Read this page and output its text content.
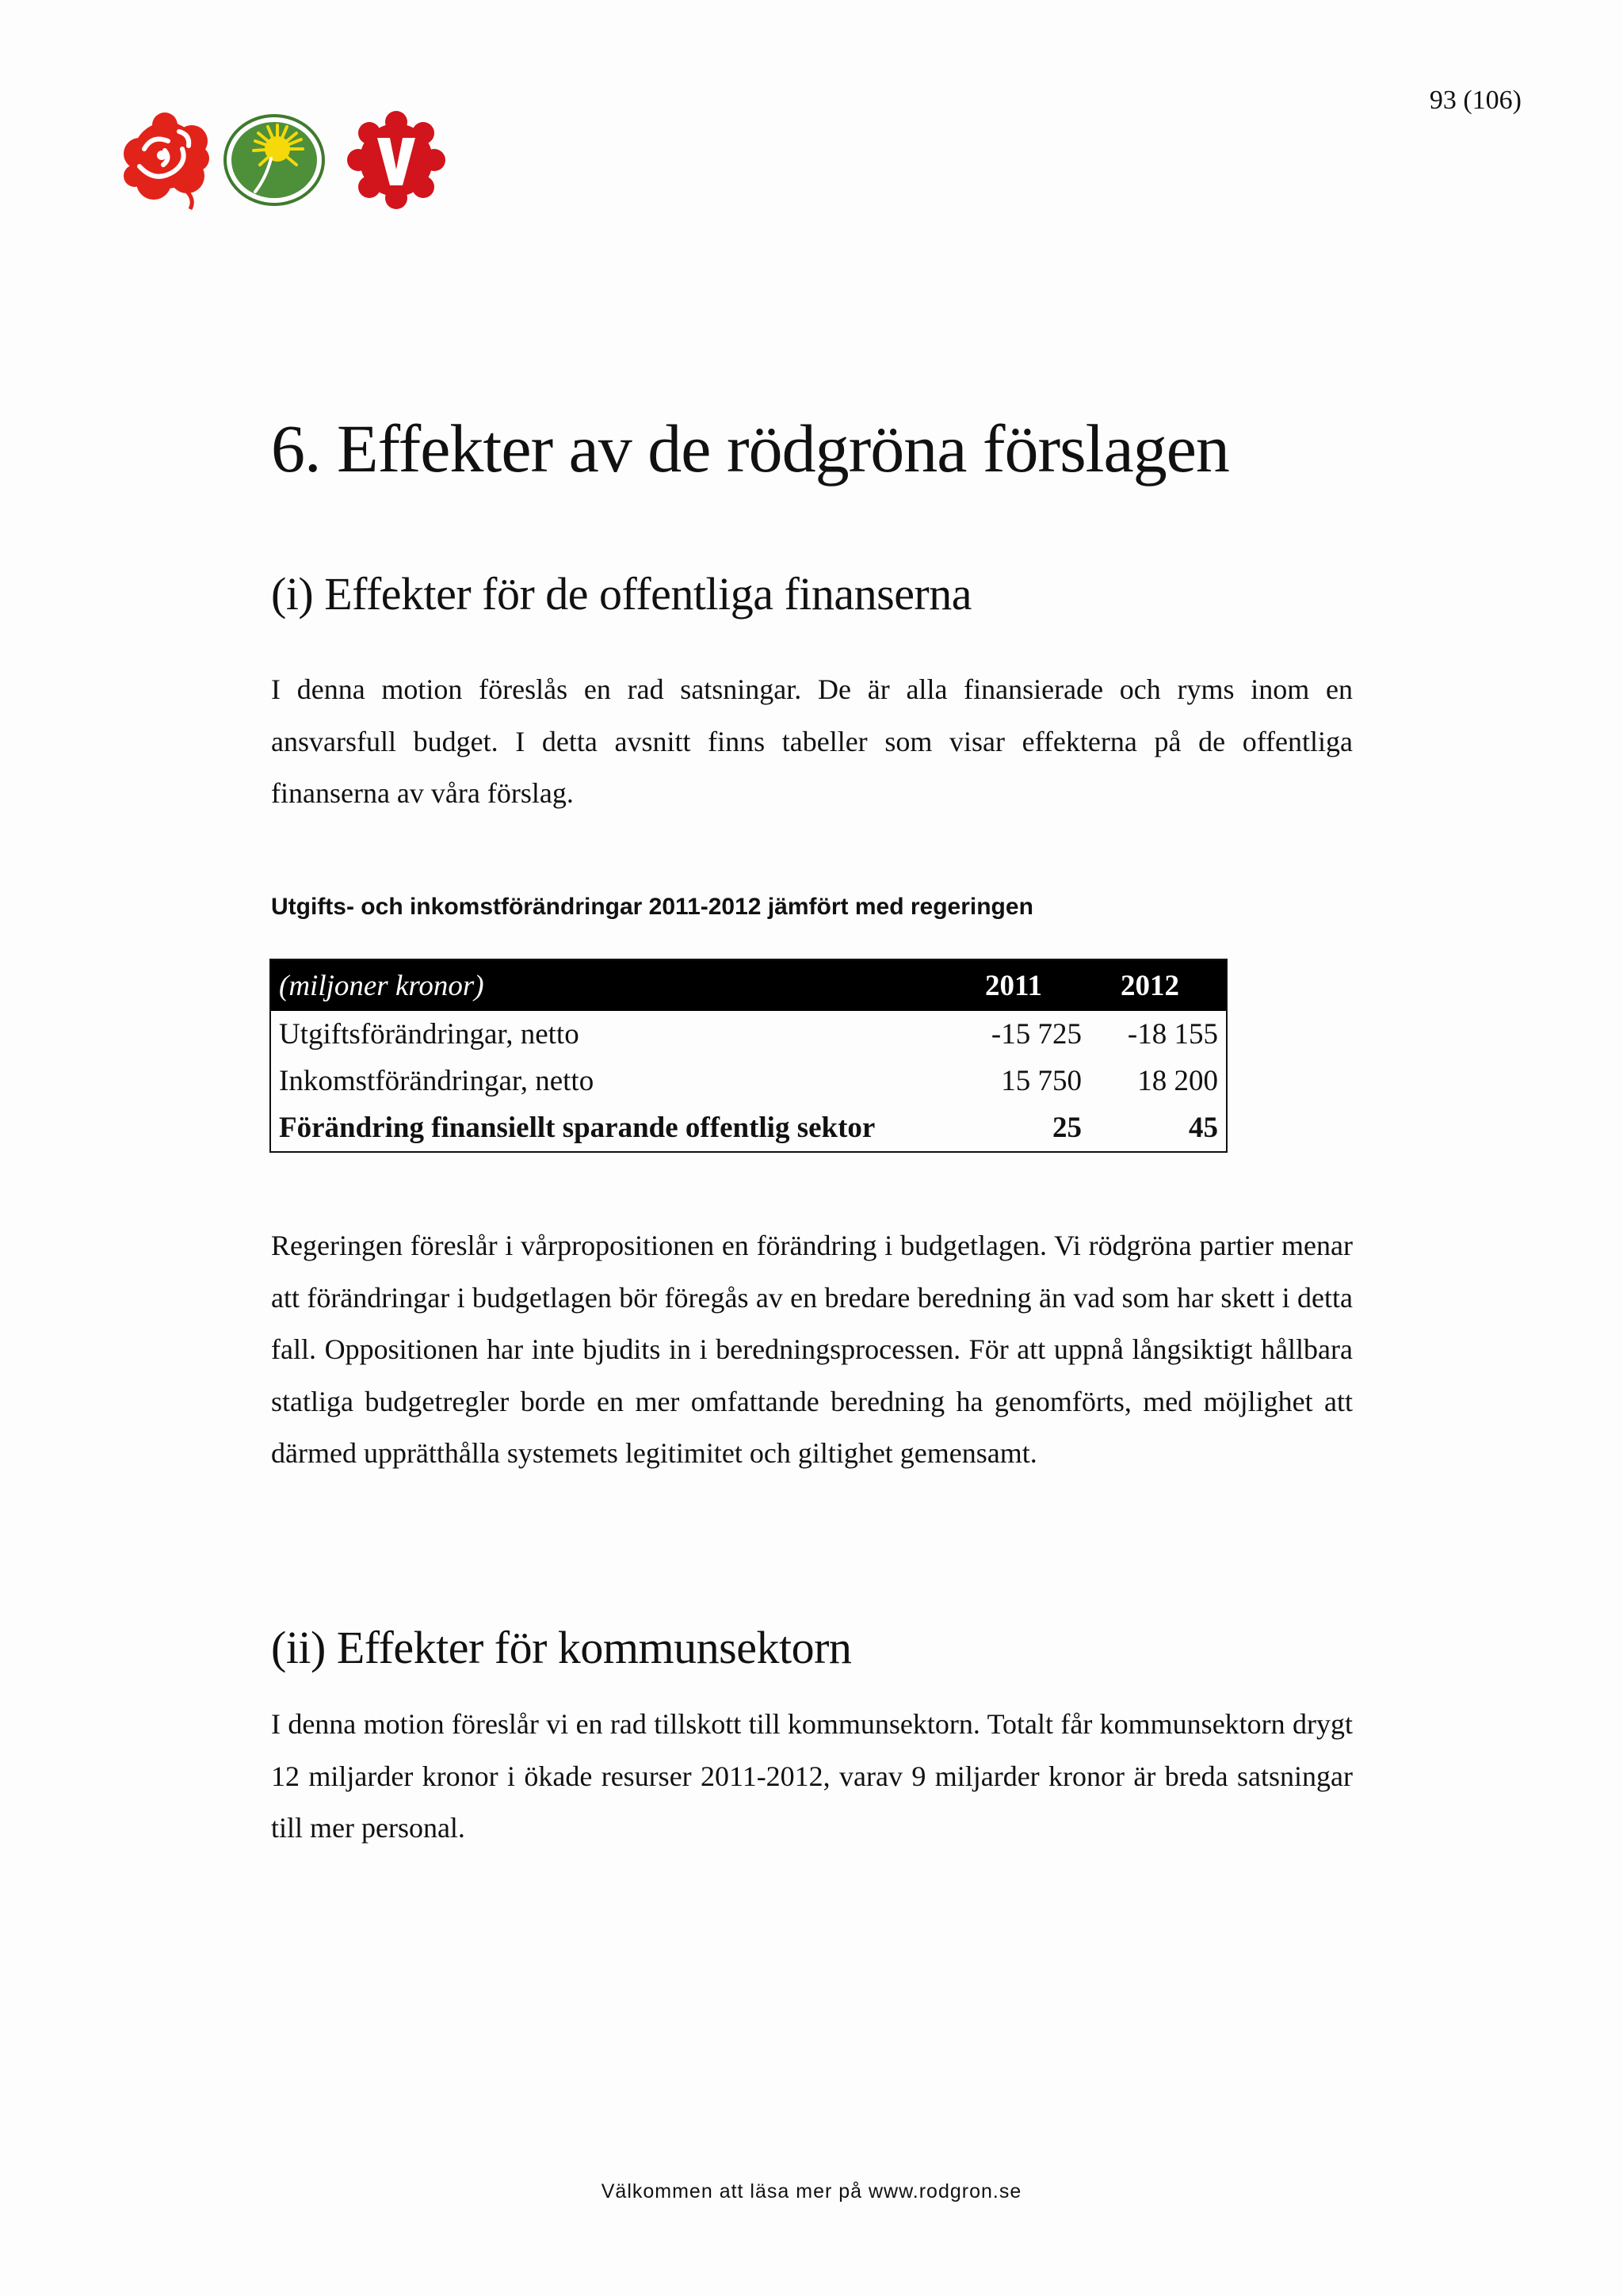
93 (106)
6. Effekter av de rödgröna förslagen
(i) Effekter för de offentliga finanserna

I denna motion föreslås en rad satsningar. De är alla finansierade och ryms inom en ansvarsfull budget. I detta avsnitt finns tabeller som visar effekterna på de offentliga finanserna av våra förslag.

Utgifts- och inkomstförändringar 2011-2012 jämfört med regeringen
(miljoner kronor)	2011	2012
Utgiftsförändringar, netto	-15 725	-18 155
Inkomstförändringar, netto	15 750	18 200
Förändring finansiellt sparande offentlig sektor	25	45

Regeringen föreslår i vårpropositionen en förändring i budgetlagen. Vi rödgröna partier menar att förändringar i budgetlagen bör föregås av en bredare beredning än vad som har skett i detta fall. Oppositionen har inte bjudits in i beredningsprocessen. För att uppnå långsiktigt hållbara statliga budgetregler borde en mer omfattande beredning ha genomförts, med möjlighet att därmed upprätthålla systemets legitimitet och giltighet gemensamt.

(ii) Effekter för kommunsektorn

I denna motion föreslår vi en rad tillskott till kommunsektorn. Totalt får kommunsektorn drygt 12 miljarder kronor i ökade resurser 2011-2012, varav 9 miljarder kronor är breda satsningar till mer personal.

Välkommen att läsa mer på www.rodgron.se
